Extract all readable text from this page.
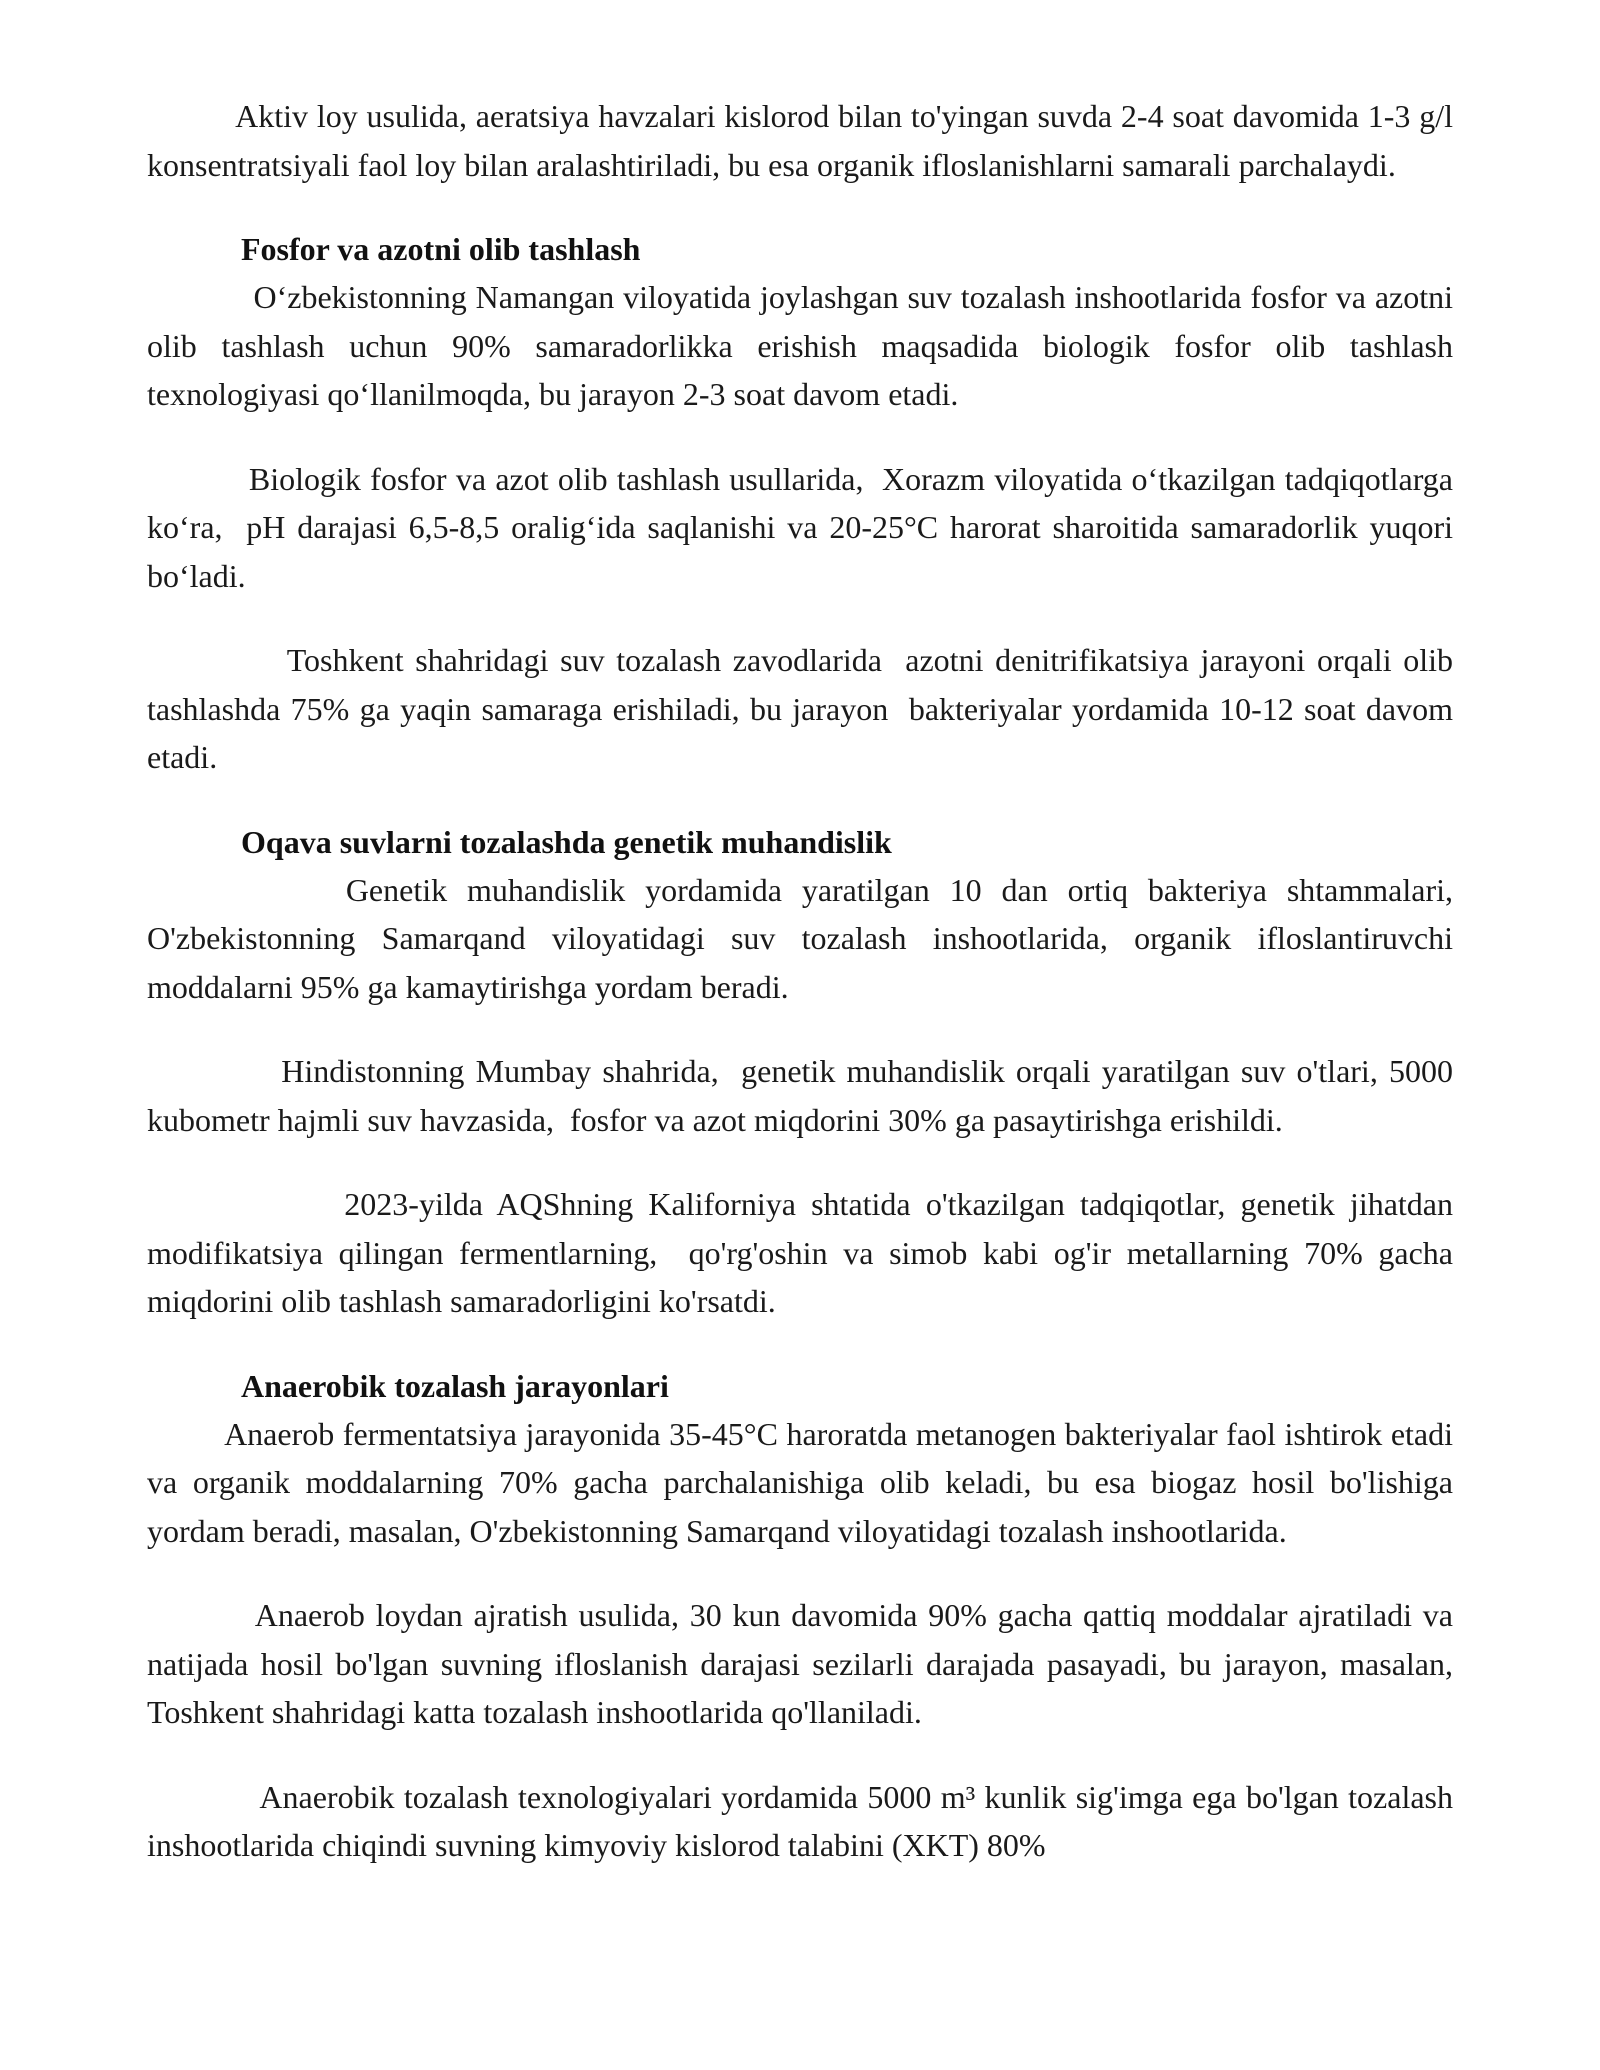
Aktiv loy usulida, aeratsiya havzalari kislorod bilan to'yingan suvda 2-4 soat davomida 1-3 g/l konsentratsiyali faol loy bilan aralashtiriladi, bu esa organik ifloslanishlarni samarali parchalaydi.

Fosfor va azotni olib tashlash

Oʻzbekistonning Namangan viloyatida joylashgan suv tozalash inshootlarida fosfor va azotni olib tashlash uchun 90% samaradorlikka erishish maqsadida biologik fosfor olib tashlash texnologiyasi qoʻllanilmoqda, bu jarayon 2-3 soat davom etadi.

Biologik fosfor va azot olib tashlash usullarida,  Xorazm viloyatida oʻtkazilgan tadqiqotlarga koʻra,  pH darajasi 6,5-8,5 oraligʻida saqlanishi va 20-25°C harorat sharoitida samaradorlik yuqori boʻladi.

Toshkent shahridagi suv tozalash zavodlarida  azotni denitrifikatsiya jarayoni orqali olib tashlashda 75% ga yaqin samaraga erishiladi, bu jarayon  bakteriyalar yordamida 10-12 soat davom etadi.

Oqava suvlarni tozalashda genetik muhandislik

Genetik muhandislik yordamida yaratilgan 10 dan ortiq bakteriya shtammalari, O'zbekistonning Samarqand viloyatidagi suv tozalash inshootlarida, organik ifloslantiruvchi moddalarni 95% ga kamaytirishga yordam beradi.

Hindistonning Mumbay shahrida,  genetik muhandislik orqali yaratilgan suv o'tlari, 5000 kubometr hajmli suv havzasida,  fosfor va azot miqdorini 30% ga pasaytirishga erishildi.

2023-yilda AQShning Kaliforniya shtatida o'tkazilgan tadqiqotlar, genetik jihatdan modifikatsiya qilingan fermentlarning,  qo'rg'oshin va simob kabi og'ir metallarning 70% gacha miqdorini olib tashlash samaradorligini ko'rsatdi.

Anaerobik tozalash jarayonlari

Anaerob fermentatsiya jarayonida 35-45°C haroratda metanogen bakteriyalar faol ishtirok etadi va organik moddalarning 70% gacha parchalanishiga olib keladi, bu esa biogaz hosil bo'lishiga yordam beradi, masalan, O'zbekistonning Samarqand viloyatidagi tozalash inshootlarida.

Anaerob loydan ajratish usulida, 30 kun davomida 90% gacha qattiq moddalar ajratiladi va natijada hosil bo'lgan suvning ifloslanish darajasi sezilarli darajada pasayadi, bu jarayon, masalan, Toshkent shahridagi katta tozalash inshootlarida qo'llaniladi.

Anaerobik tozalash texnologiyalari yordamida 5000 m³ kunlik sig'imga ega bo'lgan tozalash inshootlarida chiqindi suvning kimyoviy kislorod talabini (XKT) 80%
